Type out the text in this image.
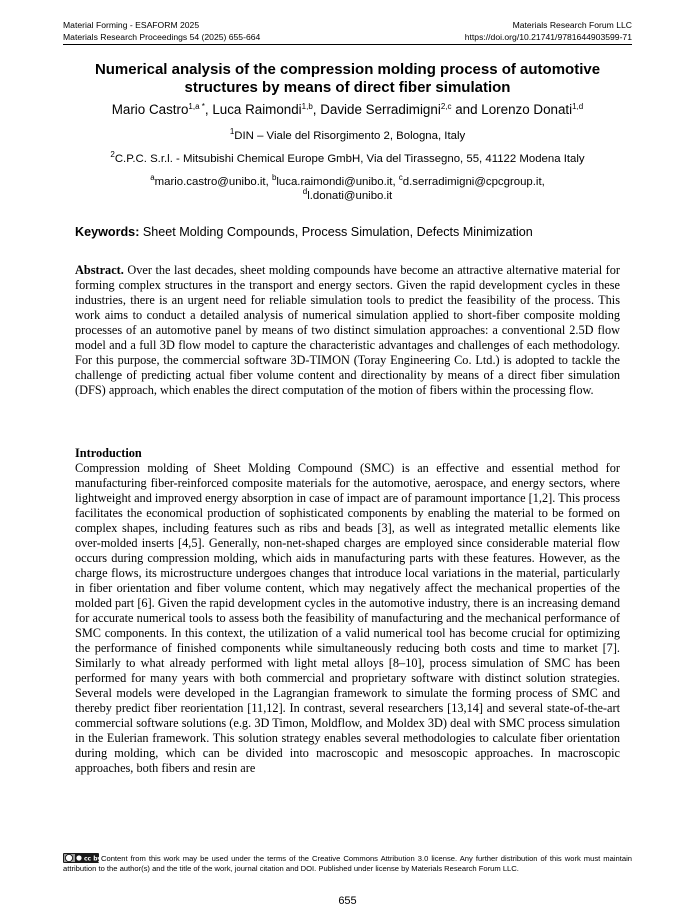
Material Forming - ESAFORM 2025	Materials Research Forum LLC
Materials Research Proceedings 54 (2025) 655-664	https://doi.org/10.21741/9781644903599-71
Numerical analysis of the compression molding process of automotive structures by means of direct fiber simulation
Mario Castro$^{1,a *}$, Luca Raimondi$^{1,b}$, Davide Serradimigni$^{2,c}$ and Lorenzo Donati$^{1,d}$
$^1$DIN – Viale del Risorgimento 2, Bologna, Italy
$^2$C.P.C. S.r.l. - Mitsubishi Chemical Europe GmbH, Via del Tirassegno, 55, 41122 Modena Italy
$^a$mario.castro@unibo.it, $^b$luca.raimondi@unibo.it, $^c$d.serradimigni@cpcgroup.it,
$^d$l.donati@unibo.it
Keywords: Sheet Molding Compounds, Process Simulation, Defects Minimization
Abstract. Over the last decades, sheet molding compounds have become an attractive alternative material for forming complex structures in the transport and energy sectors. Given the rapid development cycles in these industries, there is an urgent need for reliable simulation tools to predict the feasibility of the process. This work aims to conduct a detailed analysis of numerical simulation applied to short-fiber composite molding processes of an automotive panel by means of two distinct simulation approaches: a conventional 2.5D flow model and a full 3D flow model to capture the characteristic advantages and challenges of each methodology. For this purpose, the commercial software 3D-TIMON (Toray Engineering Co. Ltd.) is adopted to tackle the challenge of predicting actual fiber volume content and directionality by means of a direct fiber simulation (DFS) approach, which enables the direct computation of the motion of fibers within the processing flow.
Introduction
Compression molding of Sheet Molding Compound (SMC) is an effective and essential method for manufacturing fiber-reinforced composite materials for the automotive, aerospace, and energy sectors, where lightweight and improved energy absorption in case of impact are of paramount importance [1,2]. This process facilitates the economical production of sophisticated components by enabling the material to be formed on complex shapes, including features such as ribs and beads [3], as well as integrated metallic elements like over-molded inserts [4,5]. Generally, non-net-shaped charges are employed since considerable material flow occurs during compression molding, which aids in manufacturing parts with these features. However, as the charge flows, its microstructure undergoes changes that introduce local variations in the material, particularly in fiber orientation and fiber volume content, which may negatively affect the mechanical properties of the molded part [6]. Given the rapid development cycles in the automotive industry, there is an increasing demand for accurate numerical tools to assess both the feasibility of manufacturing and the mechanical performance of SMC components. In this context, the utilization of a valid numerical tool has become crucial for optimizing the performance of finished components while simultaneously reducing both costs and time to market [7]. Similarly to what already performed with light metal alloys [8–10], process simulation of SMC has been performed for many years with both commercial and proprietary software with distinct solution strategies. Several models were developed in the Lagrangian framework to simulate the forming process of SMC and thereby predict fiber reorientation [11,12]. In contrast, several researchers [13,14] and several state-of-the-art commercial software solutions (e.g. 3D Timon, Moldflow, and Moldex 3D) deal with SMC process simulation in the Eulerian framework. This solution strategy enables several methodologies to calculate fiber orientation during molding, which can be divided into macroscopic and mesoscopic approaches. In macroscopic approaches, both fibers and resin are
cc by Content from this work may be used under the terms of the Creative Commons Attribution 3.0 license. Any further distribution of this work must maintain attribution to the author(s) and the title of the work, journal citation and DOI. Published under license by Materials Research Forum LLC.
655
